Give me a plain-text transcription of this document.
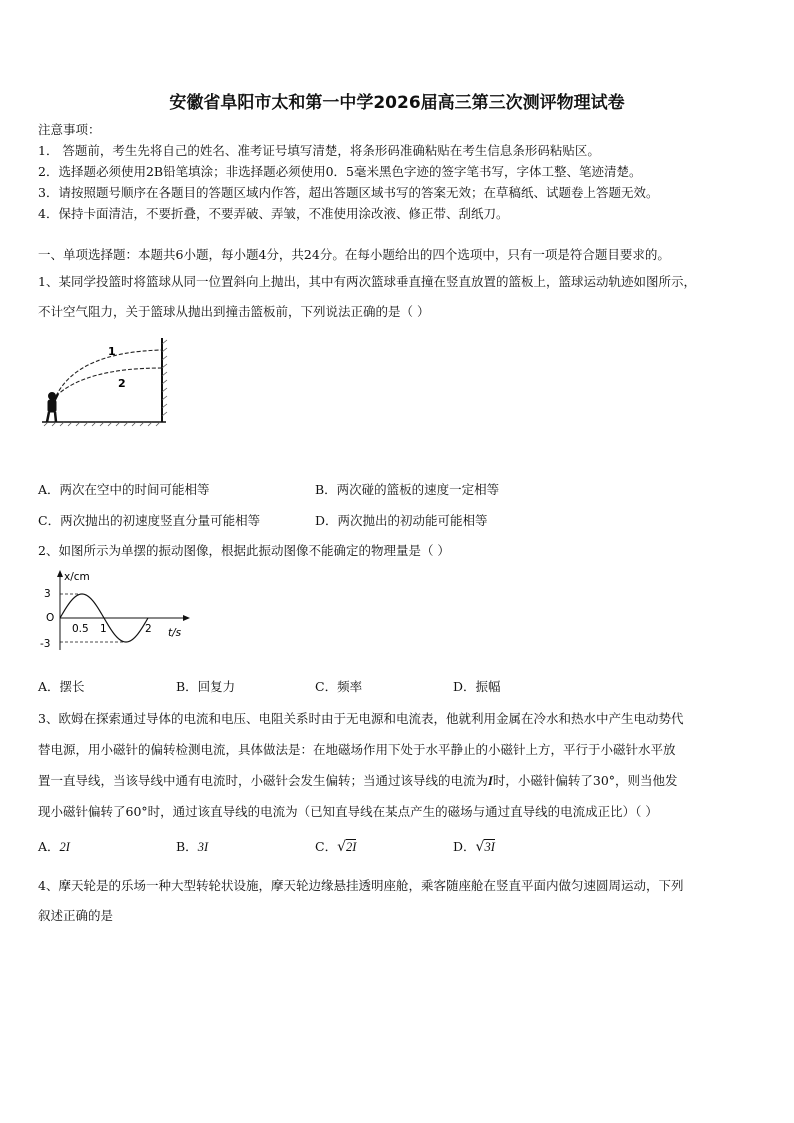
安徽省阜阳市太和第一中学2026届高三第三次测评物理试卷
注意事项：
1． 答题前，考生先将自己的姓名、准考证号填写清楚，将条形码准确粘贴在考生信息条形码粘贴区。
2．选择题必须使用2B铅笔填涂；非选择题必须使用0．5毫米黑色字迹的签字笔书写，字体工整、笔迹清楚。
3．请按照题号顺序在各题目的答题区域内作答，超出答题区域书写的答案无效；在草稿纸、试题卷上答题无效。
4．保持卡面清洁，不要折叠，不要弄破、弄皱，不准使用涂改液、修正带、刮纸刀。
一、单项选择题：本题共6小题，每小题4分，共24分。在每小题给出的四个选项中，只有一项是符合题目要求的。
1、某同学投篮时将篮球从同一位置斜向上抛出，其中有两次篮球垂直撞在竖直放置的篮板上，篮球运动轨迹如图所示，
不计空气阻力，关于篮球从抛出到撞击篮板前，下列说法正确的是（ ）
1
2
A．两次在空中的时间可能相等	B．两次碰的篮板的速度一定相等
C．两次抛出的初速度竖直分量可能相等	D．两次抛出的初动能可能相等
2、如图所示为单摆的振动图像，根据此振动图像不能确定的物理量是（ ）
x/cm
t/s
3
O
-3
0.5 1	2
A．摆长	B．回复力	C．频率	D．振幅
3、欧姆在探索通过导体的电流和电压、电阻关系时由于无电源和电流表，他就利用金属在冷水和热水中产生电动势代
替电源，用小磁针的偏转检测电流，具体做法是：在地磁场作用下处于水平静止的小磁针上方，平行于小磁针水平放
置一直导线，当该导线中通有电流时，小磁针会发生偏转；当通过该导线的电流为I时，小磁针偏转了30°，则当他发
现小磁针偏转了60°时，通过该直导线的电流为（已知直导线在某点产生的磁场与通过直导线的电流成正比）（ ）
A．2I	B．3I	C．√2I	D．√3I
4、摩天轮是的乐场一种大型转轮状设施，摩天轮边缘悬挂透明座舱，乘客随座舱在竖直平面内做匀速圆周运动，下列
叙述正确的是
